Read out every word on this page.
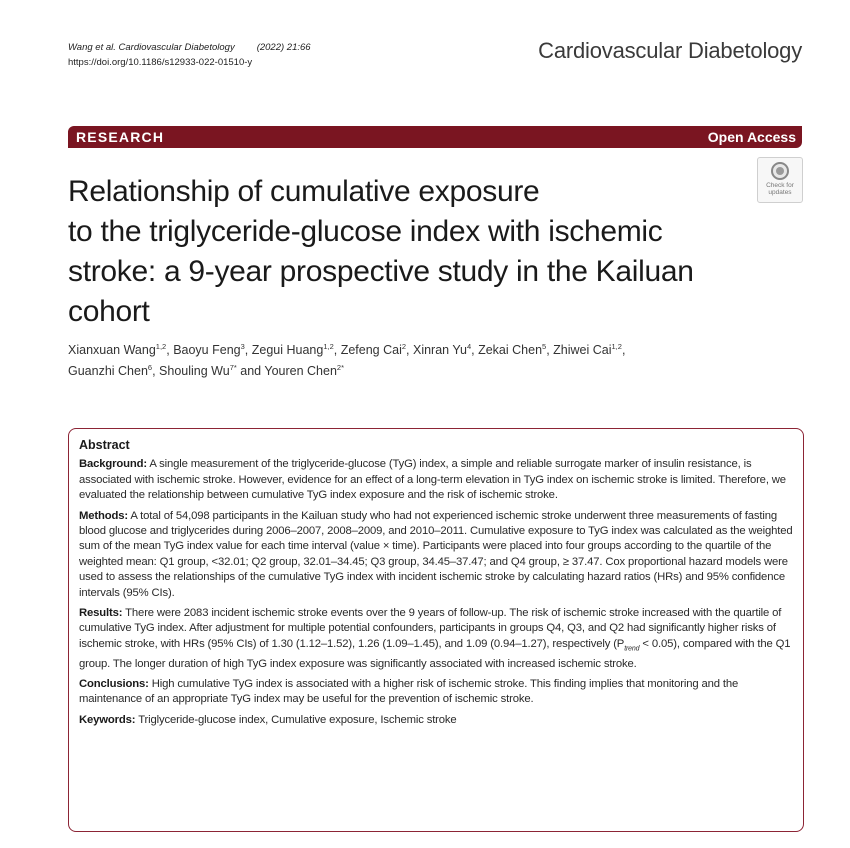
Wang et al. Cardiovascular Diabetology (2022) 21:66
https://doi.org/10.1186/s12933-022-01510-y	Cardiovascular Diabetology
RESEARCH	Open Access
Relationship of cumulative exposure
to the triglyceride-glucose index with ischemic
stroke: a 9-year prospective study in the Kailuan
cohort
Check for
updates
Xianxuan Wang$^{1,2}$, Baoyu Feng$^3$, Zegui Huang$^{1,2}$, Zefeng Cai$^2$, Xinran Yu$^4$, Zekai Chen$^5$, Zhiwei Cai$^{1,2}$,
Guanzhi Chen$^6$, Shouling $Wu^{7*}$ and Youren Chen$^{2*}$
Abstract

Background: A single measurement of the triglyceride-glucose (TyG) index, a simple and reliable surrogate marker of insulin resistance, is associated with ischemic stroke. However, evidence for an effect of a long-term elevation in TyG index on ischemic stroke is limited. Therefore, we evaluated the relationship between cumulative TyG index exposure and the risk of ischemic stroke.

Methods: A total of 54,098 participants in the Kailuan study who had not experienced ischemic stroke underwent three measurements of fasting blood glucose and triglycerides during 2006–2007, 2008–2009, and 2010–2011. Cumulative exposure to TyG index was calculated as the weighted sum of the mean TyG index value for each time interval (value × time). Participants were placed into four groups according to the quartile of the weighted mean: Q1 group, <32.01; Q2 group, 32.01–34.45; Q3 group, 34.45–37.47; and Q4 group, ≥ 37.47. Cox proportional hazard models were used to assess the relationships of the cumulative TyG index with incident ischemic stroke by calculating hazard ratios (HRs) and 95% confidence intervals (95% CIs).

Results: There were 2083 incident ischemic stroke events over the 9 years of follow-up. The risk of ischemic stroke increased with the quartile of cumulative TyG index. After adjustment for multiple potential confounders, participants in groups Q4, Q3, and Q2 had significantly higher risks of ischemic stroke, with HRs (95% CIs) of 1.30 (1.12–1.52), 1.26 (1.09–1.45), and 1.09 (0.94–1.27), respectively $(P_{trend} < 0.05)$, compared with the Q1 group. The longer duration of high TyG index exposure was significantly associated with increased ischemic stroke.

Conclusions: High cumulative TyG index is associated with a higher risk of ischemic stroke. This finding implies that monitoring and the maintenance of an appropriate TyG index may be useful for the prevention of ischemic stroke.

Keywords: Triglyceride-glucose index, Cumulative exposure, Ischemic stroke
